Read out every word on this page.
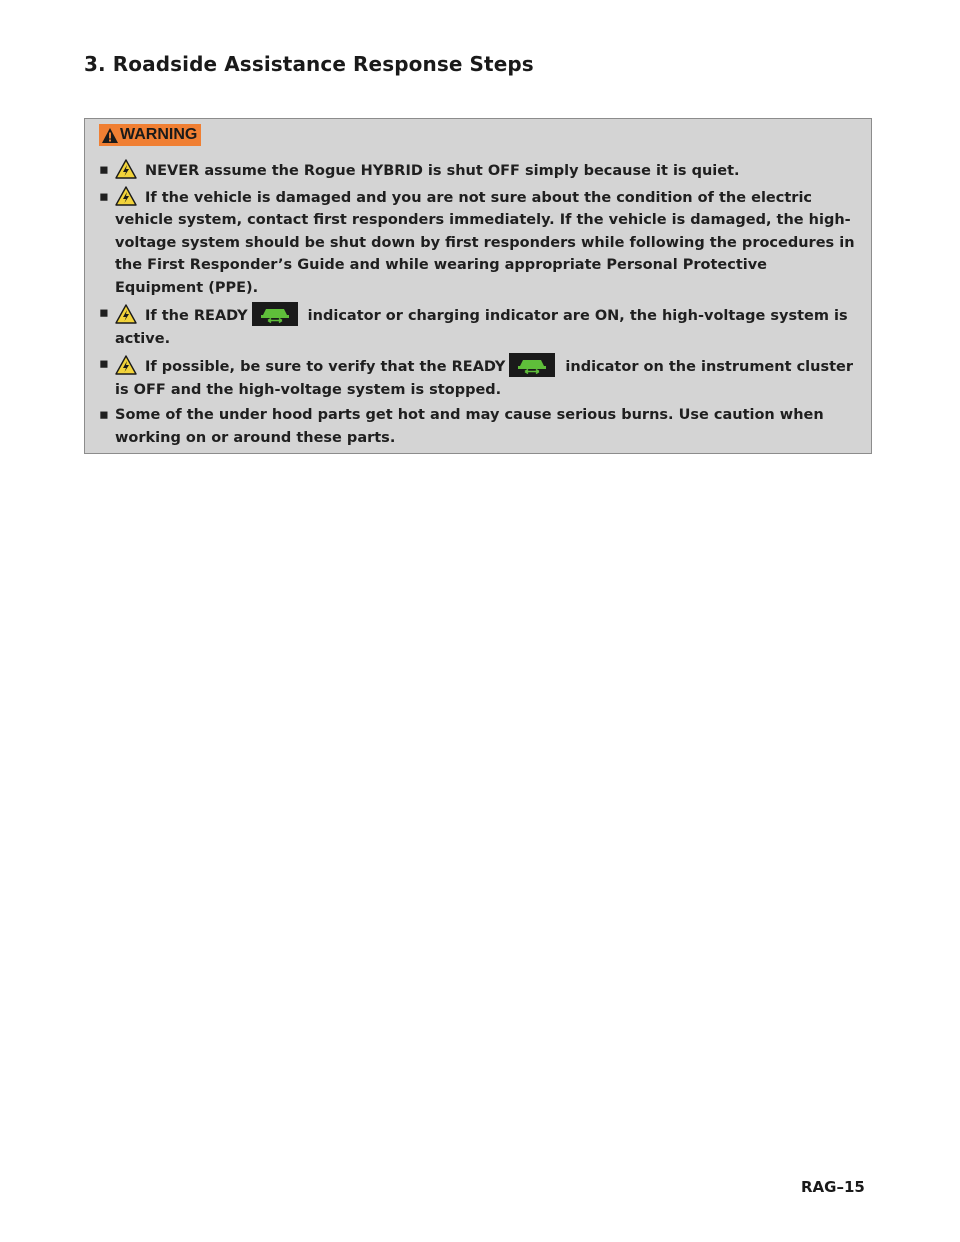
3. Roadside Assistance Response Steps
WARNING
▪ NEVER assume the Rogue HYBRID is shut OFF simply because it is quiet.
▪ If the vehicle is damaged and you are not sure about the condition of the electric vehicle system, contact first responders immediately. If the vehicle is damaged, the high-voltage system should be shut down by first responders while following the procedures in the First Responder’s Guide and while wearing appropriate Personal Protective Equipment (PPE).
▪ If the READY	indicator or charging indicator are ON, the high-voltage system is active.
▪ If possible, be sure to verify that the READY	indicator on the instrument cluster is OFF and the high-voltage system is stopped.
▪ Some of the under hood parts get hot and may cause serious burns. Use caution when working on or around these parts.
RAG–15
